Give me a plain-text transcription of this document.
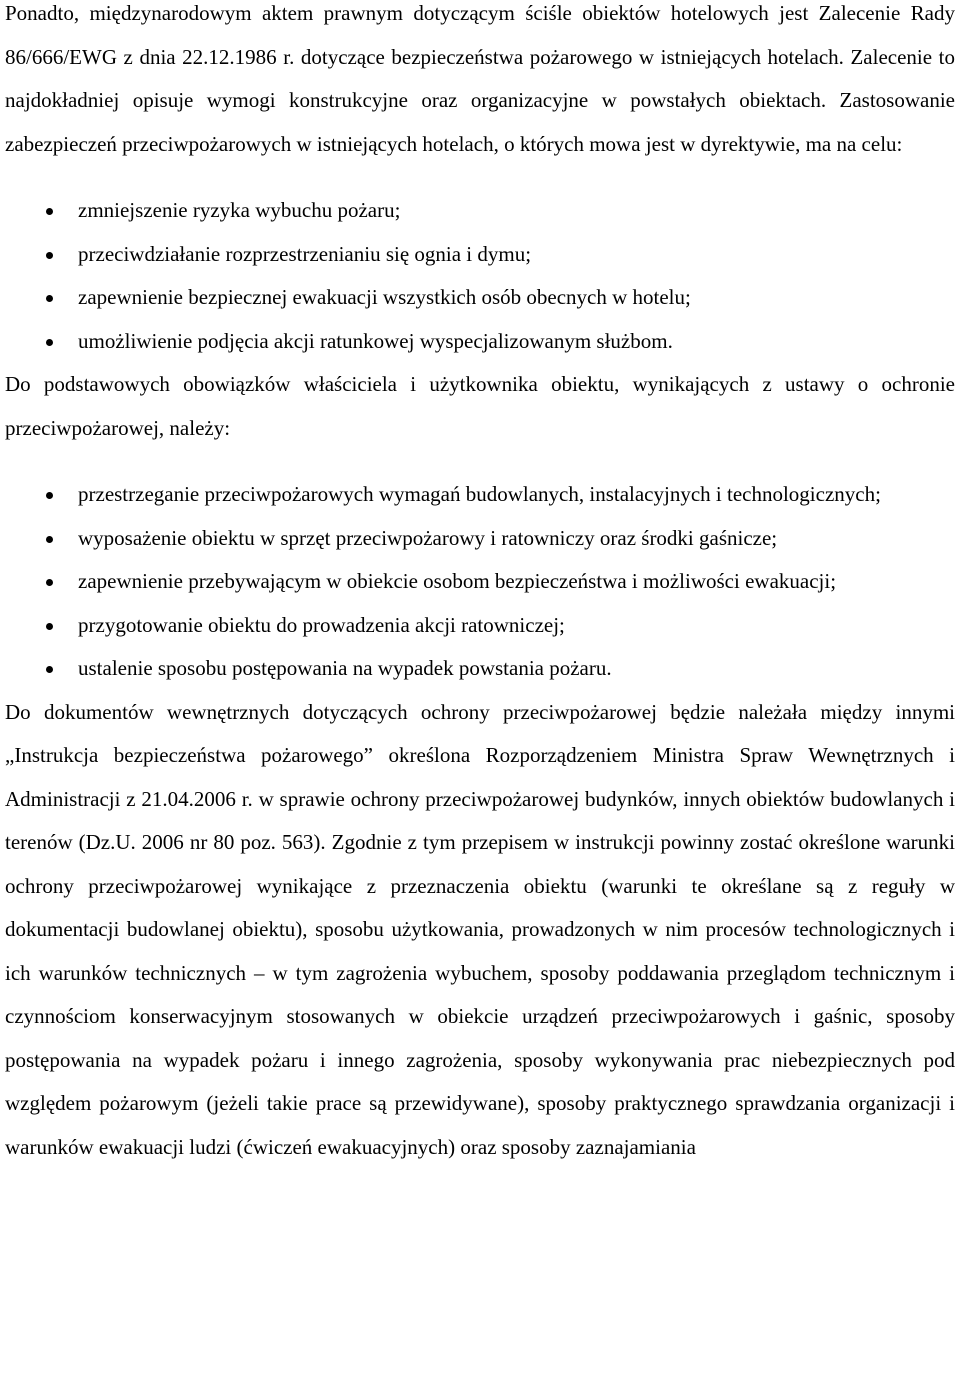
Ponadto, międzynarodowym aktem prawnym dotyczącym ściśle obiektów hotelowych jest Zalecenie Rady 86/666/EWG z dnia 22.12.1986 r. dotyczące bezpieczeństwa pożarowego w istniejących hotelach. Zalecenie to najdokładniej opisuje wymogi konstrukcyjne oraz organizacyjne w powstałych obiektach. Zastosowanie zabezpieczeń przeciwpożarowych w istniejących hotelach, o których mowa jest w dyrektywie, ma na celu:

zmniejszenie ryzyka wybuchu pożaru;
przeciwdziałanie rozprzestrzenianiu się ognia i dymu;
zapewnienie bezpiecznej ewakuacji wszystkich osób obecnych w hotelu;
umożliwienie podjęcia akcji ratunkowej wyspecjalizowanym służbom.

Do podstawowych obowiązków właściciela i użytkownika obiektu, wynikających z ustawy o ochronie przeciwpożarowej, należy:

przestrzeganie przeciwpożarowych wymagań budowlanych, instalacyjnych i technologicznych;
wyposażenie obiektu w sprzęt przeciwpożarowy i ratowniczy oraz środki gaśnicze;
zapewnienie przebywającym w obiekcie osobom bezpieczeństwa i możliwości ewakuacji;
przygotowanie obiektu do prowadzenia akcji ratowniczej;
ustalenie sposobu postępowania na wypadek powstania pożaru.

Do dokumentów wewnętrznych dotyczących ochrony przeciwpożarowej będzie należała między innymi „Instrukcja bezpieczeństwa pożarowego” określona Rozporządzeniem Ministra Spraw Wewnętrznych i Administracji z 21.04.2006 r. w sprawie ochrony przeciwpożarowej budynków, innych obiektów budowlanych i terenów (Dz.U. 2006 nr 80 poz. 563). Zgodnie z tym przepisem w instrukcji powinny zostać określone warunki ochrony przeciwpożarowej wynikające z przeznaczenia obiektu (warunki te określane są z reguły w dokumentacji budowlanej obiektu), sposobu użytkowania, prowadzonych w nim procesów technologicznych i ich warunków technicznych – w tym zagrożenia wybuchem, sposoby poddawania przeglądom technicznym i czynnościom konserwacyjnym stosowanych w obiekcie urządzeń przeciwpożarowych i gaśnic, sposoby postępowania na wypadek pożaru i innego zagrożenia, sposoby wykonywania prac niebezpiecznych pod względem pożarowym (jeżeli takie prace są przewidywane), sposoby praktycznego sprawdzania organizacji i warunków ewakuacji ludzi (ćwiczeń ewakuacyjnych) oraz sposoby zaznajamiania
